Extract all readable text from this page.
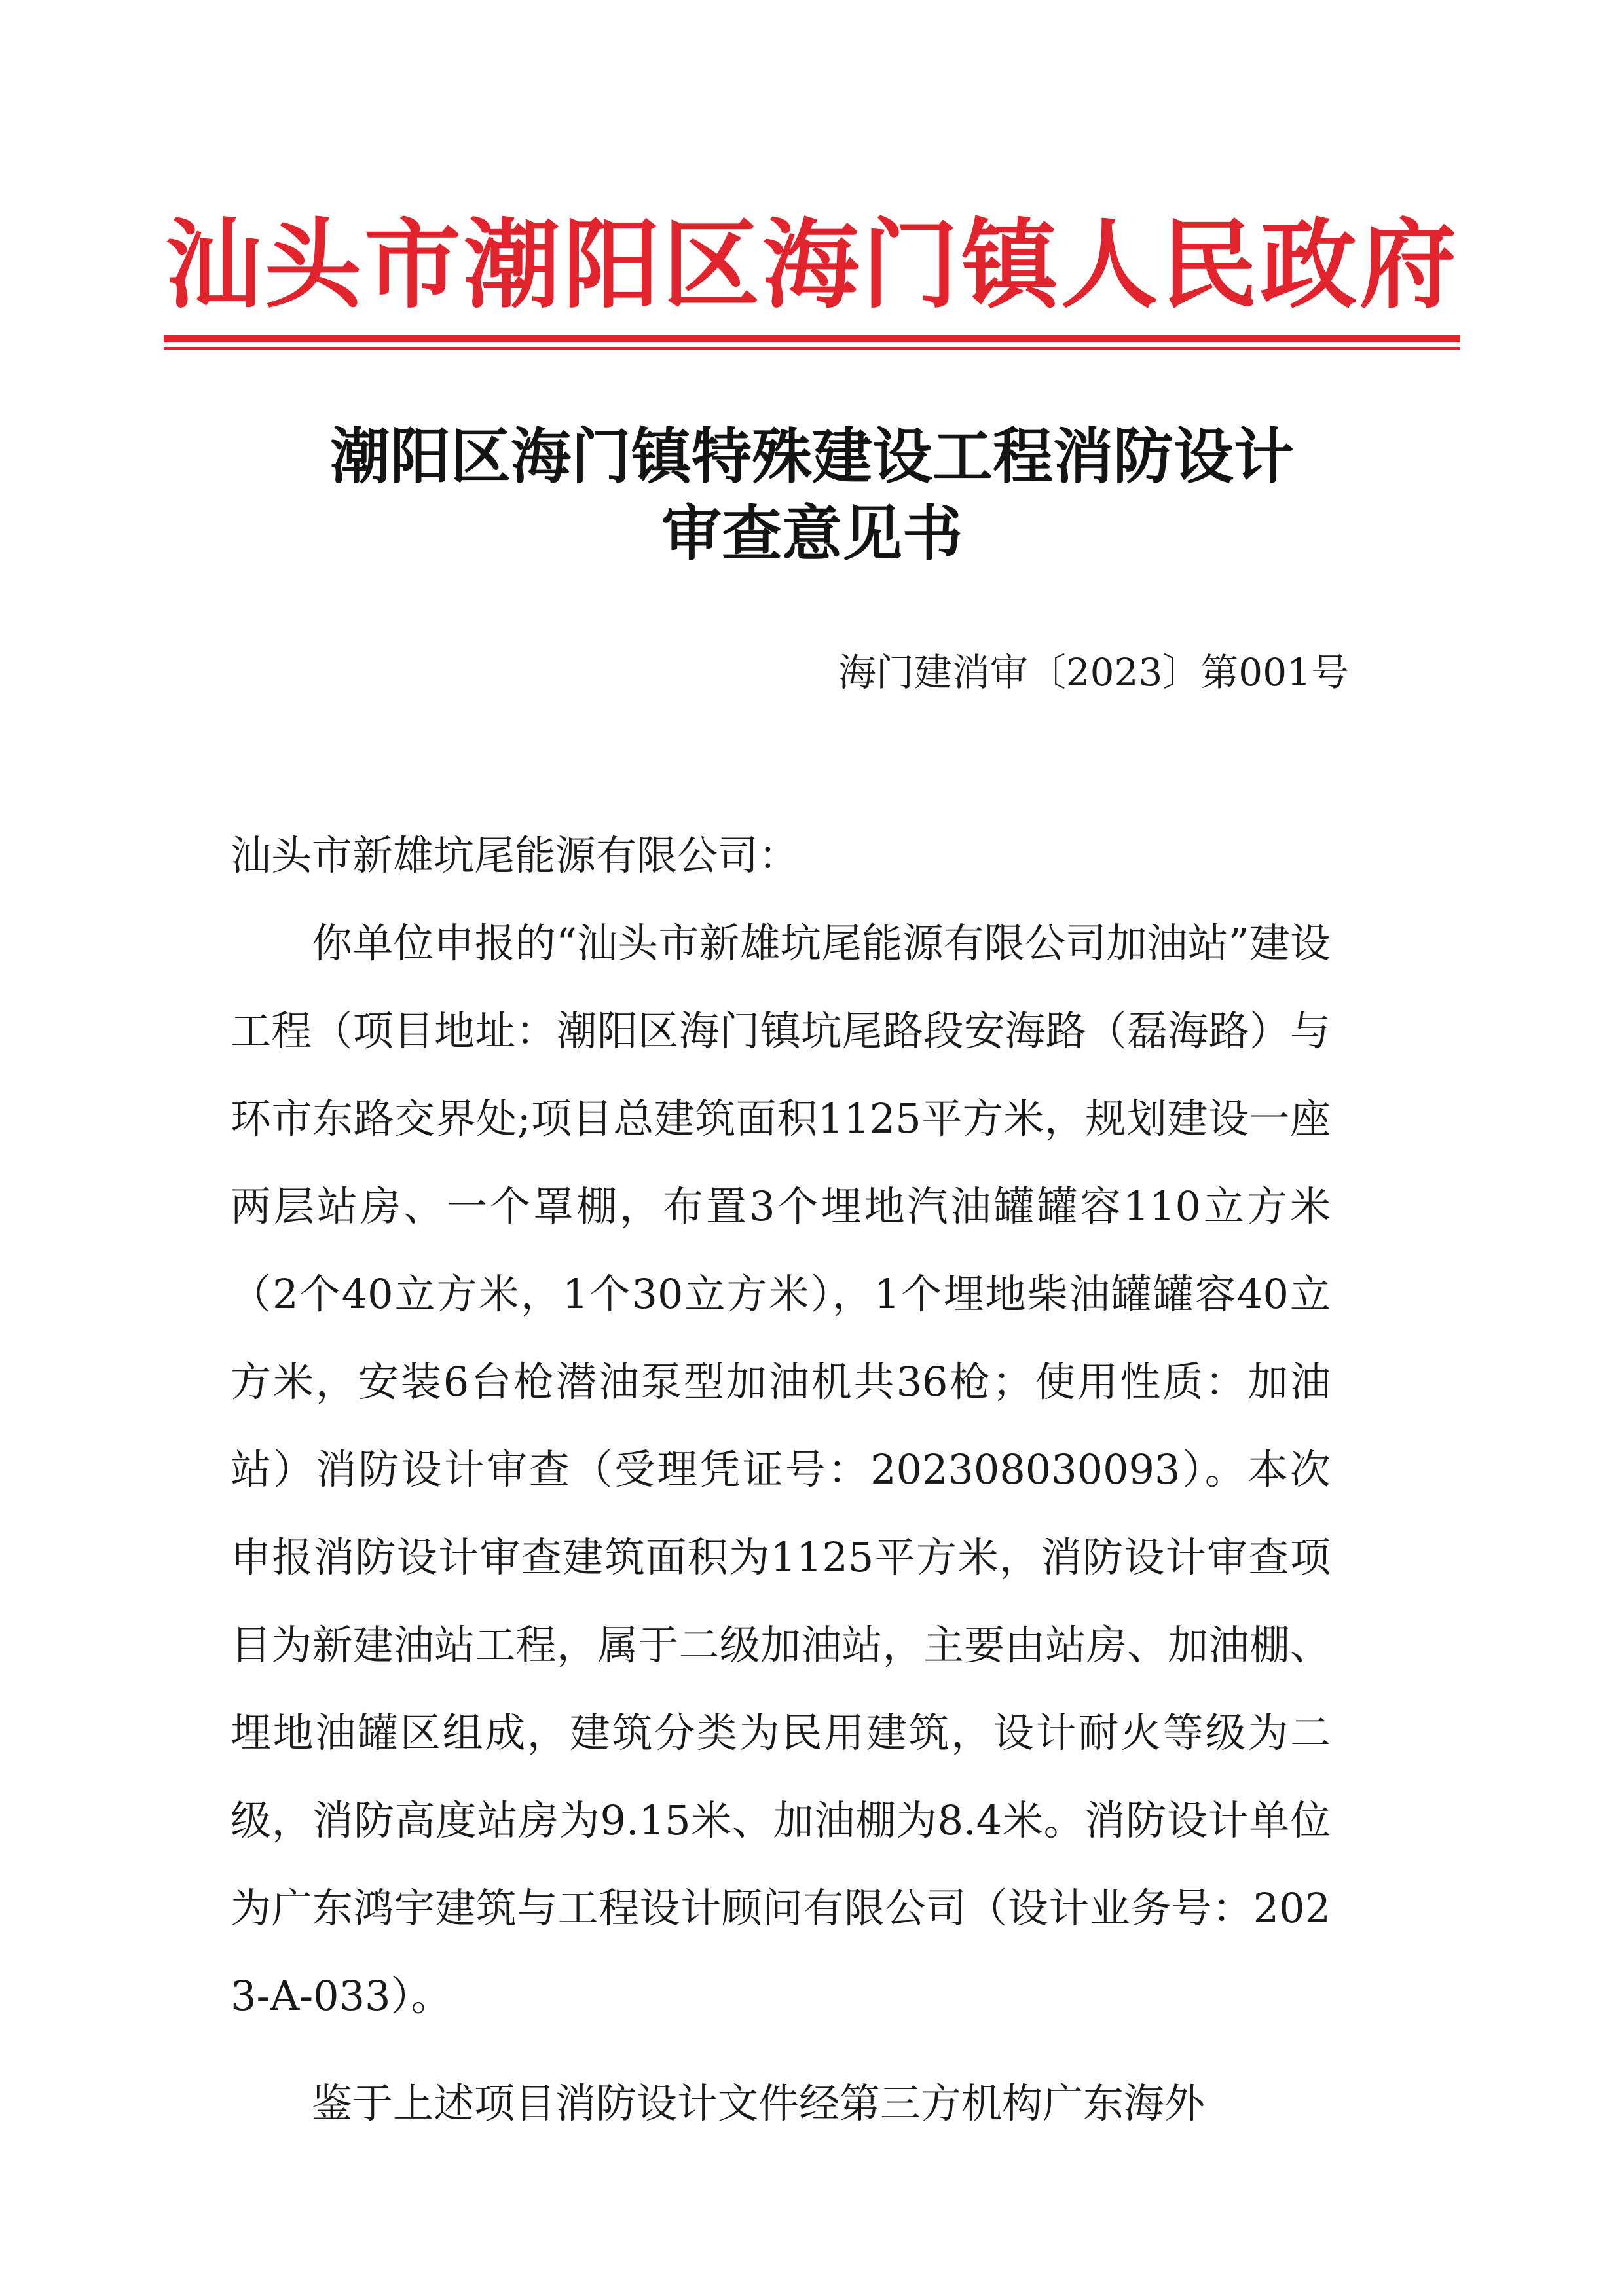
汕头市潮阳区海门镇人民政府
潮阳区海门镇特殊建设工程消防设计
审查意见书
海门建消审〔2023〕第001号

汕头市新雄坑尾能源有限公司：

你单位申报的“汕头市新雄坑尾能源有限公司加油站”建设工程（项目地址：潮阳区海门镇坑尾路段安海路（磊海路）与环市东路交界处;项目总建筑面积1125平方米，规划建设一座两层站房、一个罩棚，布置3个埋地汽油罐罐容110立方米（2个40立方米，1个30立方米），1个埋地柴油罐罐容40立方米，安装6台枪潜油泵型加油机共36枪；使用性质：加油站）消防设计审查（受理凭证号：202308030093）。本次申报消防设计审查建筑面积为1125平方米，消防设计审查项目为新建油站工程，属于二级加油站，主要由站房、加油棚、埋地油罐区组成，建筑分类为民用建筑，设计耐火等级为二级，消防高度站房为9.15米、加油棚为8.4米。消防设计单位为广东鸿宇建筑与工程设计顾问有限公司（设计业务号：2023-A-033）。

鉴于上述项目消防设计文件经第三方机构广东海外
